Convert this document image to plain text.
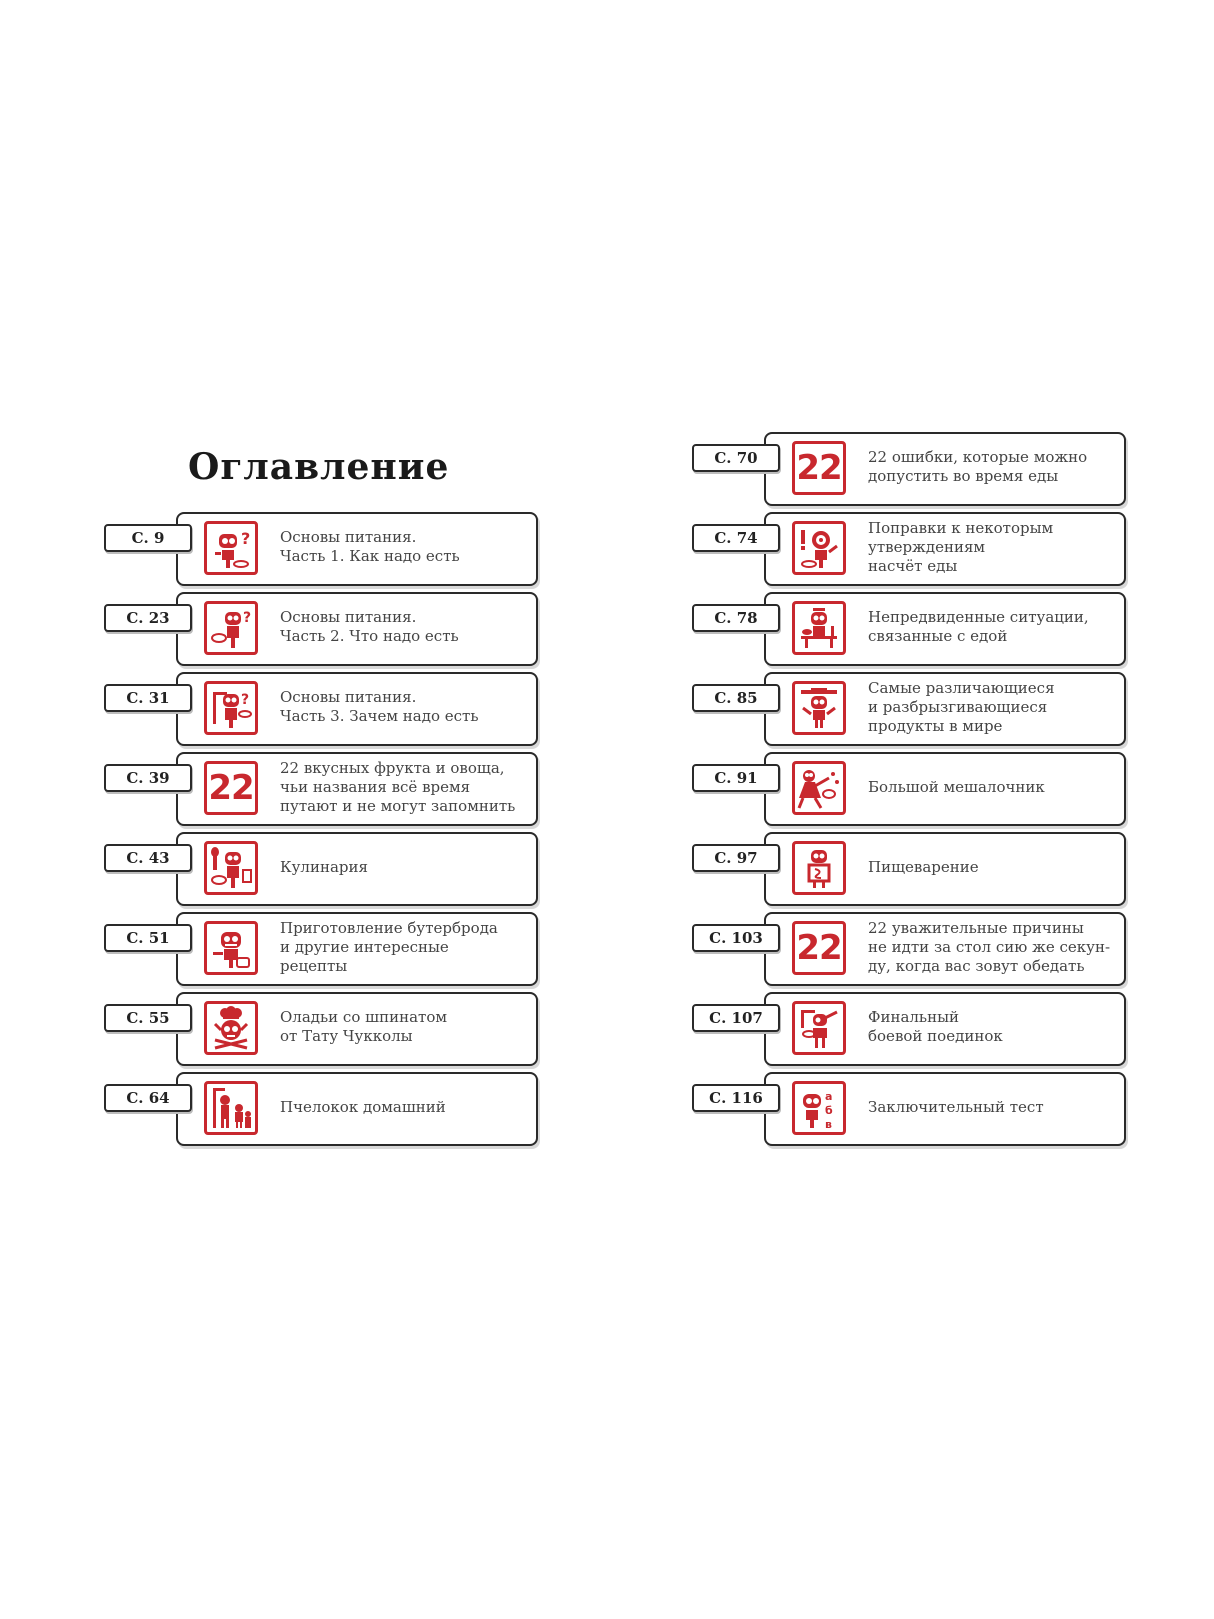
Оглавление
С. 9	? Основы питания.
Часть 1. Как надо есть
С. 23	? Основы питания.
Часть 2. Что надо есть
С. 31	? Основы питания.
Часть 3. Зачем надо есть
С. 39	22
22 вкусных фрукта и овоща,
чьи названия всё время
путают и не могут запомнить
С. 43	Кулинария
С. 51
Приготовление бутерброда
и другие интересные
рецепты
С. 55	Оладьи со шпинатом
от Тату Чукколы
С. 64	Пчелокок домашний
С. 70	22 22 ошибки, которые можно
допустить во время еды
С. 74
Поправки к некоторым
утверждениям
насчёт еды
С. 78	Непредвиденные ситуации,
связанные с едой
С. 85
Самые различающиеся
и разбрызгивающиеся
продукты в мире
С. 91	Большой мешалочник
С. 97	Пищеварение
С. 103 22
22 уважительные причины
не идти за стол сию же секун-
ду, когда вас зовут обедать
С. 107	Финальный
боевой поединок
С. 116	а
б
в
Заключительный тест
